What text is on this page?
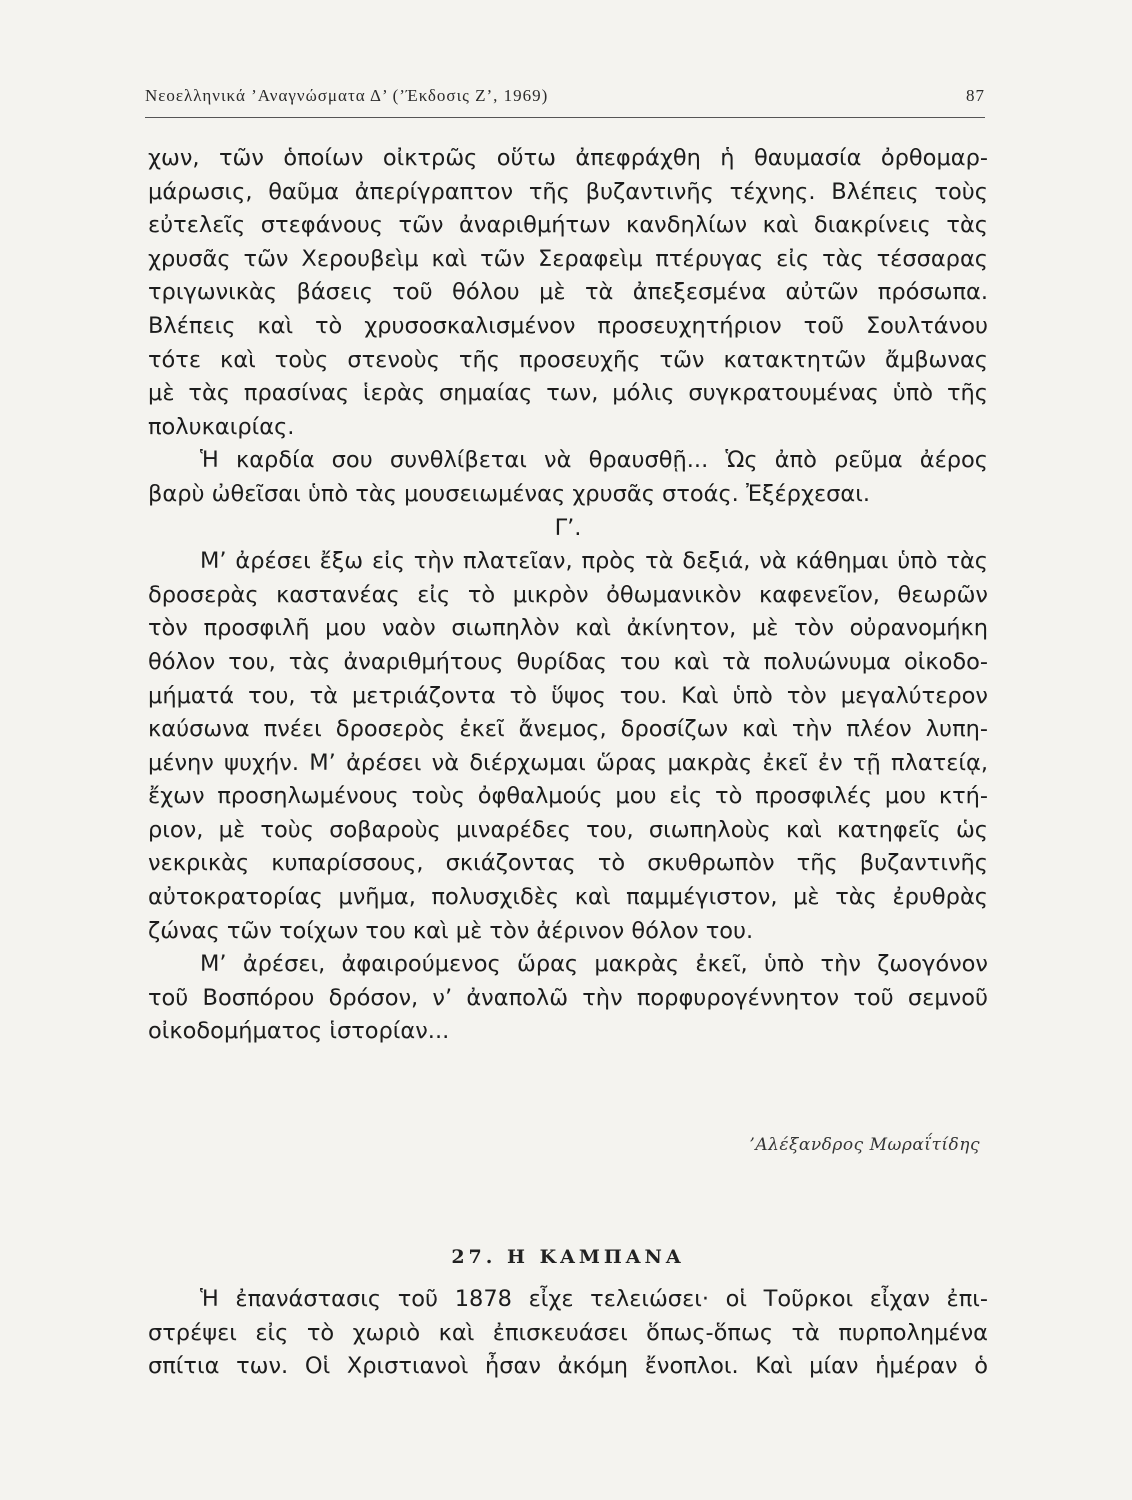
Νεοελληνικά ’Αναγνώσματα Δ’ (’Έκδοσις Ζ’, 1969)	87
χων, τῶν ὁποίων οἰκτρῶς οὕτω ἀπεφράχθη ἡ θαυμασία ὀρθομαρ-
μάρωσις, θαῦμα ἀπερίγραπτον τῆς βυζαντινῆς τέχνης. Βλέπεις τοὺς
εὐτελεῖς στεφάνους τῶν ἀναριθμήτων κανδηλίων καὶ διακρίνεις τὰς
χρυσᾶς τῶν Χερουβεὶμ καὶ τῶν Σεραφεὶμ πτέρυγας εἰς τὰς τέσσαρας
τριγωνικὰς βάσεις τοῦ θόλου μὲ τὰ ἀπεξεσμένα αὐτῶν πρόσωπα.
Βλέπεις καὶ τὸ χρυσοσκαλισμένον προσευχητήριον τοῦ Σουλτάνου
τότε καὶ τοὺς στενοὺς τῆς προσευχῆς τῶν κατακτητῶν ἄμβωνας
μὲ τὰς πρασίνας ἱερὰς σημαίας των, μόλις συγκρατουμένας ὑπὸ τῆς
πολυκαιρίας.
Ἡ καρδία σου συνθλίβεται νὰ θραυσθῇ... Ὡς ἀπὸ ρεῦμα ἀέρος
βαρὺ ὠθεῖσαι ὑπὸ τὰς μουσειωμένας χρυσᾶς στοάς. Ἐξέρχεσαι.
Γ’.
Μ’ ἀρέσει ἔξω εἰς τὴν πλατεῖαν, πρὸς τὰ δεξιά, νὰ κάθημαι ὑπὸ τὰς
δροσερὰς καστανέας εἰς τὸ μικρὸν ὀθωμανικὸν καφενεῖον, θεωρῶν
τὸν προσφιλῆ μου ναὸν σιωπηλὸν καὶ ἀκίνητον, μὲ τὸν οὐρανομήκη
θόλον του, τὰς ἀναριθμήτους θυρίδας του καὶ τὰ πολυώνυμα οἰκοδο-
μήματά του, τὰ μετριάζοντα τὸ ὕψος του. Καὶ ὑπὸ τὸν μεγαλύτερον
καύσωνα πνέει δροσερὸς ἐκεῖ ἄνεμος, δροσίζων καὶ τὴν πλέον λυπη-
μένην ψυχήν. Μ’ ἀρέσει νὰ διέρχωμαι ὥρας μακρὰς ἐκεῖ ἐν τῇ πλατείᾳ,
ἔχων προσηλωμένους τοὺς ὀφθαλμούς μου εἰς τὸ προσφιλές μου κτή-
ριον, μὲ τοὺς σοβαροὺς μιναρέδες του, σιωπηλοὺς καὶ κατηφεῖς ὡς
νεκρικὰς κυπαρίσσους, σκιάζοντας τὸ σκυθρωπὸν τῆς βυζαντινῆς
αὐτοκρατορίας μνῆμα, πολυσχιδὲς καὶ παμμέγιστον, μὲ τὰς ἐρυθρὰς
ζώνας τῶν τοίχων του καὶ μὲ τὸν ἀέρινον θόλον του.
Μ’ ἀρέσει, ἀφαιρούμενος ὥρας μακρὰς ἐκεῖ, ὑπὸ τὴν ζωογόνον
τοῦ Βοσπόρου δρόσον, ν’ ἀναπολῶ τὴν πορφυρογέννητον τοῦ σεμνοῦ
οἰκοδομήματος ἱστορίαν...
’Αλέξανδρος Μωραΐτίδης
27. Η ΚΑΜΠΑΝΑ
Ἡ ἐπανάστασις τοῦ 1878 εἶχε τελειώσει· οἱ Τοῦρκοι εἶχαν ἐπι-
στρέψει εἰς τὸ χωριὸ καὶ ἐπισκευάσει ὅπως-ὅπως τὰ πυρπολημένα
σπίτια των. Οἱ Χριστιανοὶ ἦσαν ἀκόμη ἔνοπλοι. Καὶ μίαν ἡμέραν ὁ
